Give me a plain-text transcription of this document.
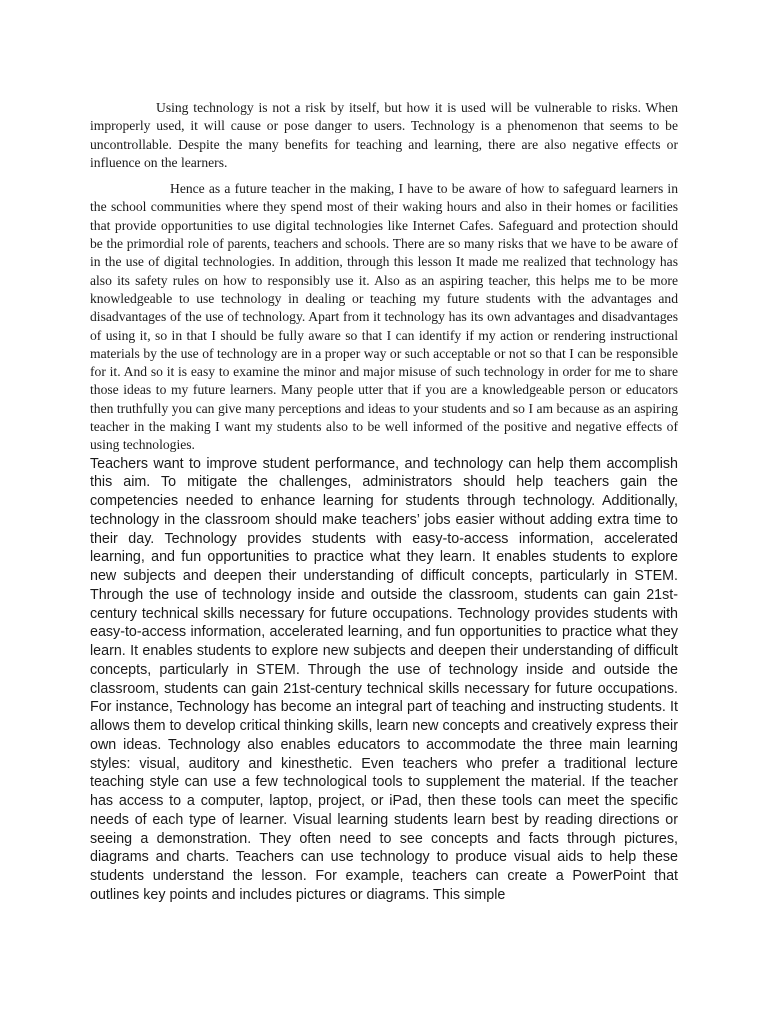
Using technology is not a risk by itself, but how it is used will be vulnerable to risks. When improperly used, it will cause or pose danger to users. Technology is a phenomenon that seems to be uncontrollable. Despite the many benefits for teaching and learning, there are also negative effects or influence on the learners.

Hence as a future teacher in the making, I have to be aware of how to safeguard learners in the school communities where they spend most of their waking hours and also in their homes or facilities that provide opportunities to use digital technologies like Internet Cafes. Safeguard and protection should be the primordial role of parents, teachers and schools. There are so many risks that we have to be aware of in the use of digital technologies. In addition, through this lesson It made me realized that technology has also its safety rules on how to responsibly use it. Also as an aspiring teacher, this helps me to be more knowledgeable to use technology in dealing or teaching my future students with the advantages and disadvantages of the use of technology. Apart from it technology has its own advantages and disadvantages of using it, so in that I should be fully aware so that I can identify if my action or rendering instructional materials by the use of technology are in a proper way or such acceptable or not so that I can be responsible for it. And so it is easy to examine the minor and major misuse of such technology in order for me to share those ideas to my future learners. Many people utter that if you are a knowledgeable person or educators then truthfully you can give many perceptions and ideas to your students and so I am because as an aspiring teacher in the making I want my students also to be well informed of the positive and negative effects of using technologies.

Teachers want to improve student performance, and technology can help them accomplish this aim. To mitigate the challenges, administrators should help teachers gain the competencies needed to enhance learning for students through technology. Additionally, technology in the classroom should make teachers’ jobs easier without adding extra time to their day. Technology provides students with easy-to-access information, accelerated learning, and fun opportunities to practice what they learn. It enables students to explore new subjects and deepen their understanding of difficult concepts, particularly in STEM. Through the use of technology inside and outside the classroom, students can gain 21st-century technical skills necessary for future occupations. Technology provides students with easy-to-access information, accelerated learning, and fun opportunities to practice what they learn. It enables students to explore new subjects and deepen their understanding of difficult concepts, particularly in STEM. Through the use of technology inside and outside the classroom, students can gain 21st-century technical skills necessary for future occupations. For instance, Technology has become an integral part of teaching and instructing students. It allows them to develop critical thinking skills, learn new concepts and creatively express their own ideas. Technology also enables educators to accommodate the three main learning styles: visual, auditory and kinesthetic. Even teachers who prefer a traditional lecture teaching style can use a few technological tools to supplement the material. If the teacher has access to a computer, laptop, project, or iPad, then these tools can meet the specific needs of each type of learner. Visual learning students learn best by reading directions or seeing a demonstration. They often need to see concepts and facts through pictures, diagrams and charts. Teachers can use technology to produce visual aids to help these students understand the lesson. For example, teachers can create a PowerPoint that outlines key points and includes pictures or diagrams. This simple
